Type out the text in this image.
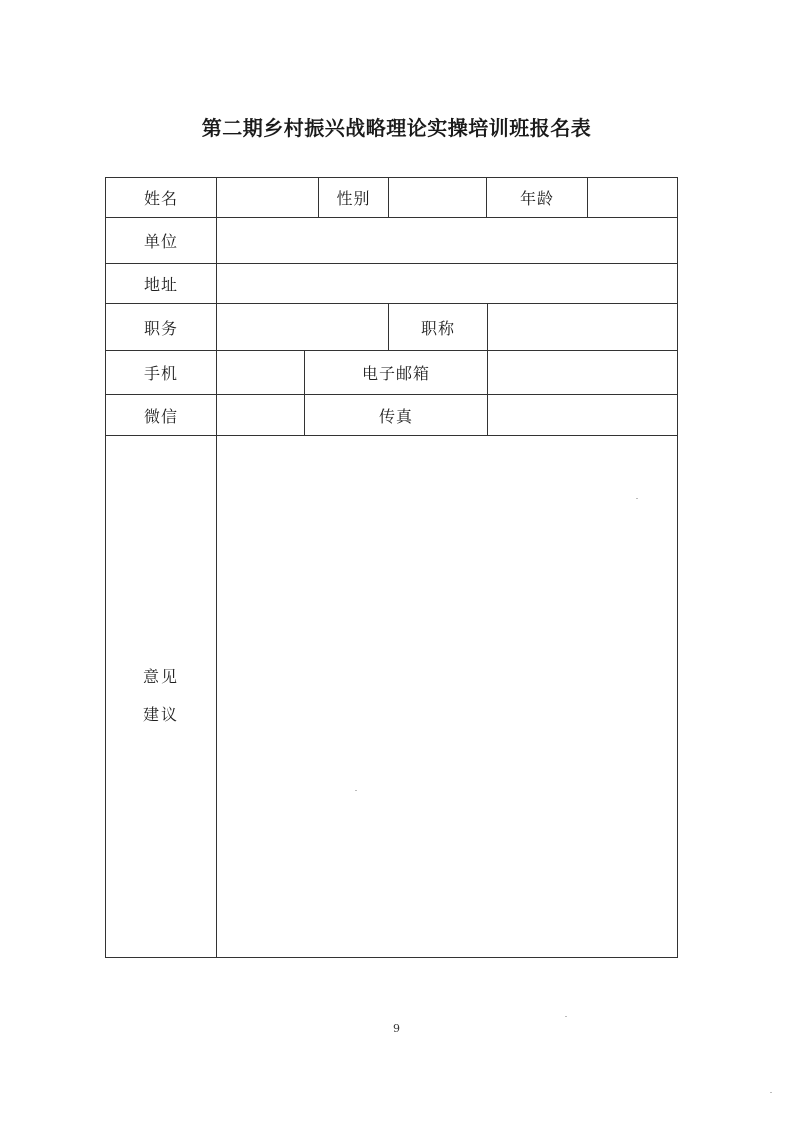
第二期乡村振兴战略理论实操培训班报名表
姓名	性别	年龄
单位
地址
职务	职称
手机	电子邮箱
微信	传真
意见
建议
9
